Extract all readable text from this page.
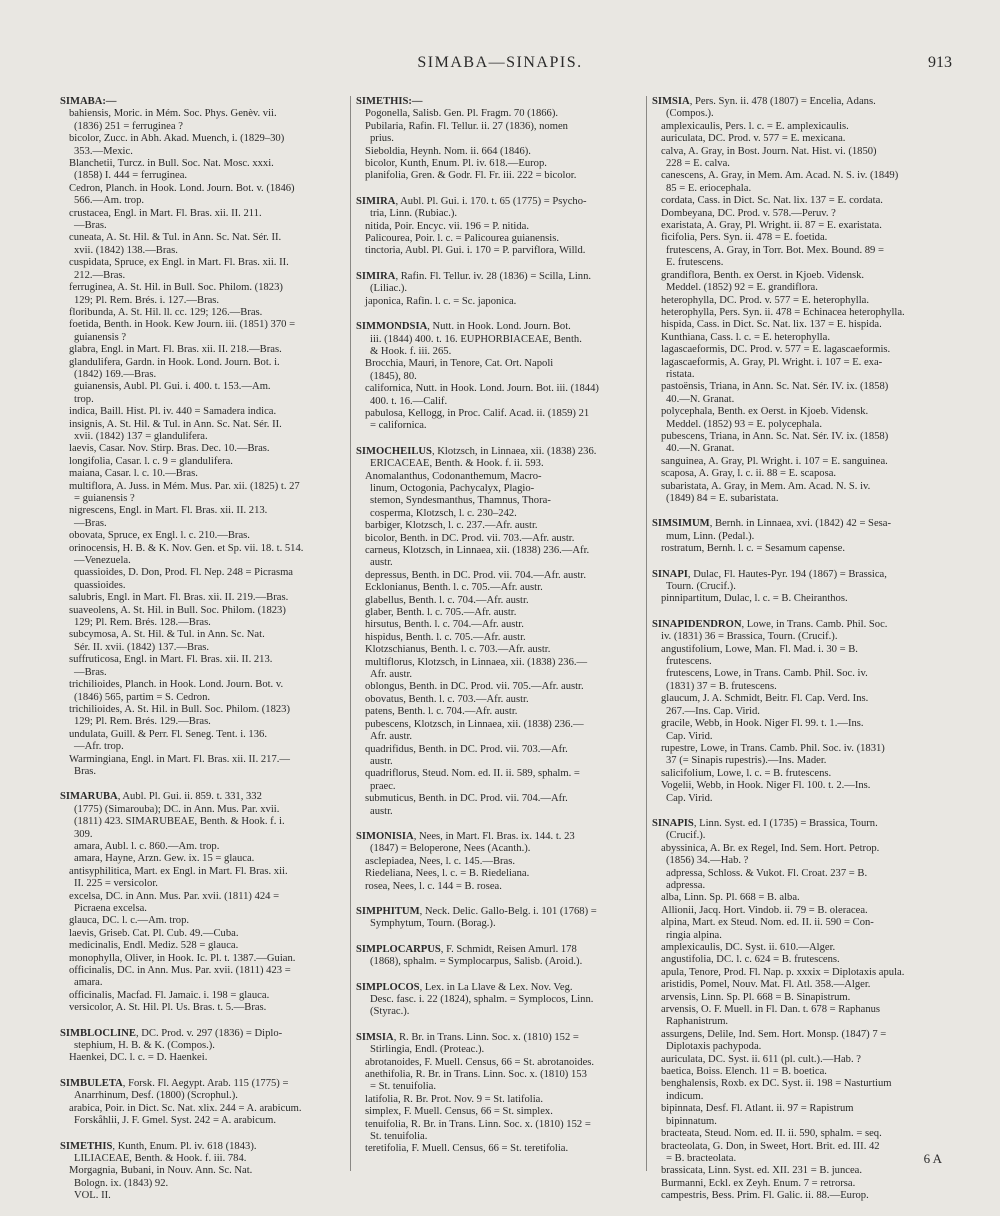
SIMABA—SINAPIS.	913
SIMABA:—
bahiensis, Moric. in Mém. Soc. Phys. Genèv. vii.
(1836) 251 = ferruginea ?
bicolor, Zucc. in Abh. Akad. Muench, i. (1829–30)
353.—Mexic.
Blanchetii, Turcz. in Bull. Soc. Nat. Mosc. xxxi.
(1858) I. 444 = ferruginea.
Cedron, Planch. in Hook. Lond. Journ. Bot. v. (1846)
566.—Am. trop.
crustacea, Engl. in Mart. Fl. Bras. xii. II. 211.
—Bras.
cuneata, A. St. Hil. & Tul. in Ann. Sc. Nat. Sér. II.
xvii. (1842) 138.—Bras.
cuspidata, Spruce, ex Engl. in Mart. Fl. Bras. xii. II.
212.—Bras.
ferruginea, A. St. Hil. in Bull. Soc. Philom. (1823)
129; Pl. Rem. Brés. i. 127.—Bras.
floribunda, A. St. Hil. ll. cc. 129; 126.—Bras.
foetida, Benth. in Hook. Kew Journ. iii. (1851) 370 =
guianensis ?
glabra, Engl. in Mart. Fl. Bras. xii. II. 218.—Bras.
glandulifera, Gardn. in Hook. Lond. Journ. Bot. i.
(1842) 169.—Bras.
guianensis, Aubl. Pl. Gui. i. 400. t. 153.—Am.
trop.
indica, Baill. Hist. Pl. iv. 440 = Samadera indica.
insignis, A. St. Hil. & Tul. in Ann. Sc. Nat. Sér. II.
xvii. (1842) 137 = glandulifera.
laevis, Casar. Nov. Stirp. Bras. Dec. 10.—Bras.
longifolia, Casar. l. c. 9 = glandulifera.
maiana, Casar. l. c. 10.—Bras.
multiflora, A. Juss. in Mém. Mus. Par. xii. (1825) t. 27
= guianensis ?
nigrescens, Engl. in Mart. Fl. Bras. xii. II. 213.
—Bras.
obovata, Spruce, ex Engl. l. c. 210.—Bras.
orinocensis, H. B. & K. Nov. Gen. et Sp. vii. 18. t. 514.
—Venezuela.
quassioides, D. Don, Prod. Fl. Nep. 248 = Picrasma
quassioides.
salubris, Engl. in Mart. Fl. Bras. xii. II. 219.—Bras.
suaveolens, A. St. Hil. in Bull. Soc. Philom. (1823)
129; Pl. Rem. Brés. 128.—Bras.
subcymosa, A. St. Hil. & Tul. in Ann. Sc. Nat.
Sér. II. xvii. (1842) 137.—Bras.
suffruticosa, Engl. in Mart. Fl. Bras. xii. II. 213.
—Bras.
trichilioides, Planch. in Hook. Lond. Journ. Bot. v.
(1846) 565, partim = S. Cedron.
trichilioides, A. St. Hil. in Bull. Soc. Philom. (1823)
129; Pl. Rem. Brés. 129.—Bras.
undulata, Guill. & Perr. Fl. Seneg. Tent. i. 136.
—Afr. trop.
Warmingiana, Engl. in Mart. Fl. Bras. xii. II. 217.—
Bras.
SIMARUBA, Aubl. Pl. Gui. ii. 859. t. 331, 332
(1775) (Simarouba); DC. in Ann. Mus. Par. xvii.
(1811) 423. SIMARUBEAE, Benth. & Hook. f. i.
309.
amara, Aubl. l. c. 860.—Am. trop.
amara, Hayne, Arzn. Gew. ix. 15 = glauca.
antisyphilitica, Mart. ex Engl. in Mart. Fl. Bras. xii.
II. 225 = versicolor.
excelsa, DC. in Ann. Mus. Par. xvii. (1811) 424 =
Picraena excelsa.
glauca, DC. l. c.—Am. trop.
laevis, Griseb. Cat. Pl. Cub. 49.—Cuba.
medicinalis, Endl. Mediz. 528 = glauca.
monophylla, Oliver, in Hook. Ic. Pl. t. 1387.—Guian.
officinalis, DC. in Ann. Mus. Par. xvii. (1811) 423 =
amara.
officinalis, Macfad. Fl. Jamaic. i. 198 = glauca.
versicolor, A. St. Hil. Pl. Us. Bras. t. 5.—Bras.
SIMBLOCLINE, DC. Prod. v. 297 (1836) = Diplo-
stephium, H. B. & K. (Compos.).
Haenkei, DC. l. c. = D. Haenkei.
SIMBULETA, Forsk. Fl. Aegypt. Arab. 115 (1775) =
Anarrhinum, Desf. (1800) (Scrophul.).
arabica, Poir. in Dict. Sc. Nat. xlix. 244 = A. arabicum.
Forskåhlii, J. F. Gmel. Syst. 242 = A. arabicum.
SIMETHIS, Kunth, Enum. Pl. iv. 618 (1843).
LILIACEAE, Benth. & Hook. f. iii. 784.
Morgagnia, Bubani, in Nouv. Ann. Sc. Nat.
Bologn. ix. (1843) 92.
VOL. II.
SIMETHIS:—
Pogonella, Salisb. Gen. Pl. Fragm. 70 (1866).
Pubilaria, Rafin. Fl. Tellur. ii. 27 (1836), nomen
prius.
Sieboldia, Heynh. Nom. ii. 664 (1846).
bicolor, Kunth, Enum. Pl. iv. 618.—Europ.
planifolia, Gren. & Godr. Fl. Fr. iii. 222 = bicolor.
SIMIRA, Aubl. Pl. Gui. i. 170. t. 65 (1775) = Psycho-
tria, Linn. (Rubiac.).
nitida, Poir. Encyc. vii. 196 = P. nitida.
Palicourea, Poir. l. c. = Palicourea guianensis.
tinctoria, Aubl. Pl. Gui. i. 170 = P. parviflora, Willd.
SIMIRA, Rafin. Fl. Tellur. iv. 28 (1836) = Scilla, Linn.
(Liliac.).
japonica, Rafin. l. c. = Sc. japonica.
SIMMONDSIA, Nutt. in Hook. Lond. Journ. Bot.
iii. (1844) 400. t. 16. EUPHORBIACEAE, Benth.
& Hook. f. iii. 265.
Brocchia, Mauri, in Tenore, Cat. Ort. Napoli
(1845), 80.
californica, Nutt. in Hook. Lond. Journ. Bot. iii. (1844)
400. t. 16.—Calif.
pabulosa, Kellogg, in Proc. Calif. Acad. ii. (1859) 21
= californica.
SIMOCHEILUS, Klotzsch, in Linnaea, xii. (1838) 236.
ERICACEAE, Benth. & Hook. f. ii. 593.
Anomalanthus, Codonanthemum, Macro-
linum, Octogonia, Pachycalyx, Plagio-
stemon, Syndesmanthus, Thamnus, Thora-
cosperma, Klotzsch, l. c. 230–242.
barbiger, Klotzsch, l. c. 237.—Afr. austr.
bicolor, Benth. in DC. Prod. vii. 703.—Afr. austr.
carneus, Klotzsch, in Linnaea, xii. (1838) 236.—Afr.
austr.
depressus, Benth. in DC. Prod. vii. 704.—Afr. austr.
Ecklonianus, Benth. l. c. 705.—Afr. austr.
glabellus, Benth. l. c. 704.—Afr. austr.
glaber, Benth. l. c. 705.—Afr. austr.
hirsutus, Benth. l. c. 704.—Afr. austr.
hispidus, Benth. l. c. 705.—Afr. austr.
Klotzschianus, Benth. l. c. 703.—Afr. austr.
multiflorus, Klotzsch, in Linnaea, xii. (1838) 236.—
Afr. austr.
oblongus, Benth. in DC. Prod. vii. 705.—Afr. austr.
obovatus, Benth. l. c. 703.—Afr. austr.
patens, Benth. l. c. 704.—Afr. austr.
pubescens, Klotzsch, in Linnaea, xii. (1838) 236.—
Afr. austr.
quadrifidus, Benth. in DC. Prod. vii. 703.—Afr.
austr.
quadriflorus, Steud. Nom. ed. II. ii. 589, sphalm. =
praec.
submuticus, Benth. in DC. Prod. vii. 704.—Afr.
austr.
SIMONISIA, Nees, in Mart. Fl. Bras. ix. 144. t. 23
(1847) = Beloperone, Nees (Acanth.).
asclepiadea, Nees, l. c. 145.—Bras.
Riedeliana, Nees, l. c. = B. Riedeliana.
rosea, Nees, l. c. 144 = B. rosea.
SIMPHITUM, Neck. Delic. Gallo-Belg. i. 101 (1768) =
Symphytum, Tourn. (Borag.).
SIMPLOCARPUS, F. Schmidt, Reisen Amurl. 178
(1868), sphalm. = Symplocarpus, Salisb. (Aroid.).
SIMPLOCOS, Lex. in La Llave & Lex. Nov. Veg.
Desc. fasc. i. 22 (1824), sphalm. = Symplocos, Linn.
(Styrac.).
SIMSIA, R. Br. in Trans. Linn. Soc. x. (1810) 152 =
Stirlingia, Endl. (Proteac.).
abrotanoides, F. Muell. Census, 66 = St. abrotanoides.
anethifolia, R. Br. in Trans. Linn. Soc. x. (1810) 153
= St. tenuifolia.
latifolia, R. Br. Prot. Nov. 9 = St. latifolia.
simplex, F. Muell. Census, 66 = St. simplex.
tenuifolia, R. Br. in Trans. Linn. Soc. x. (1810) 152 =
St. tenuifolia.
teretifolia, F. Muell. Census, 66 = St. teretifolia.
SIMSIA, Pers. Syn. ii. 478 (1807) = Encelia, Adans.
(Compos.).
amplexicaulis, Pers. l. c. = E. amplexicaulis.
auriculata, DC. Prod. v. 577 = E. mexicana.
calva, A. Gray, in Bost. Journ. Nat. Hist. vi. (1850)
228 = E. calva.
canescens, A. Gray, in Mem. Am. Acad. N. S. iv. (1849)
85 = E. eriocephala.
cordata, Cass. in Dict. Sc. Nat. lix. 137 = E. cordata.
Dombeyana, DC. Prod. v. 578.—Peruv. ?
exaristata, A. Gray, Pl. Wright. ii. 87 = E. exaristata.
ficifolia, Pers. Syn. ii. 478 = E. foetida.
frutescens, A. Gray, in Torr. Bot. Mex. Bound. 89 =
E. frutescens.
grandiflora, Benth. ex Oerst. in Kjoeb. Vidensk.
Meddel. (1852) 92 = E. grandiflora.
heterophylla, DC. Prod. v. 577 = E. heterophylla.
heterophylla, Pers. Syn. ii. 478 = Echinacea heterophylla.
hispida, Cass. in Dict. Sc. Nat. lix. 137 = E. hispida.
Kunthiana, Cass. l. c. = E. heterophylla.
lagascaeformis, DC. Prod. v. 577 = E. lagascaeformis.
lagascaeformis, A. Gray, Pl. Wright. i. 107 = E. exa-
ristata.
pastoënsis, Triana, in Ann. Sc. Nat. Sér. IV. ix. (1858)
40.—N. Granat.
polycephala, Benth. ex Oerst. in Kjoeb. Vidensk.
Meddel. (1852) 93 = E. polycephala.
pubescens, Triana, in Ann. Sc. Nat. Sér. IV. ix. (1858)
40.—N. Granat.
sanguinea, A. Gray, Pl. Wright. i. 107 = E. sanguinea.
scaposa, A. Gray, l. c. ii. 88 = E. scaposa.
subaristata, A. Gray, in Mem. Am. Acad. N. S. iv.
(1849) 84 = E. subaristata.
SIMSIMUM, Bernh. in Linnaea, xvi. (1842) 42 = Sesa-
mum, Linn. (Pedal.).
rostratum, Bernh. l. c. = Sesamum capense.
SINAPI, Dulac, Fl. Hautes-Pyr. 194 (1867) = Brassica,
Tourn. (Crucif.).
pinnipartitum, Dulac, l. c. = B. Cheiranthos.
SINAPIDENDRON, Lowe, in Trans. Camb. Phil. Soc.
iv. (1831) 36 = Brassica, Tourn. (Crucif.).
angustifolium, Lowe, Man. Fl. Mad. i. 30 = B.
frutescens.
frutescens, Lowe, in Trans. Camb. Phil. Soc. iv.
(1831) 37 = B. frutescens.
glaucum, J. A. Schmidt, Beitr. Fl. Cap. Verd. Ins.
267.—Ins. Cap. Virid.
gracile, Webb, in Hook. Niger Fl. 99. t. 1.—Ins.
Cap. Virid.
rupestre, Lowe, in Trans. Camb. Phil. Soc. iv. (1831)
37 (= Sinapis rupestris).—Ins. Mader.
salicifolium, Lowe, l. c. = B. frutescens.
Vogelii, Webb, in Hook. Niger Fl. 100. t. 2.—Ins.
Cap. Virid.
SINAPIS, Linn. Syst. ed. I (1735) = Brassica, Tourn.
(Crucif.).
abyssinica, A. Br. ex Regel, Ind. Sem. Hort. Petrop.
(1856) 34.—Hab. ?
adpressa, Schloss. & Vukot. Fl. Croat. 237 = B.
adpressa.
alba, Linn. Sp. Pl. 668 = B. alba.
Allionii, Jacq. Hort. Vindob. ii. 79 = B. oleracea.
alpina, Mart. ex Steud. Nom. ed. II. ii. 590 = Con-
ringia alpina.
amplexicaulis, DC. Syst. ii. 610.—Alger.
angustifolia, DC. l. c. 624 = B. frutescens.
apula, Tenore, Prod. Fl. Nap. p. xxxix = Diplotaxis apula.
aristidis, Pomel, Nouv. Mat. Fl. Atl. 358.—Alger.
arvensis, Linn. Sp. Pl. 668 = B. Sinapistrum.
arvensis, O. F. Muell. in Fl. Dan. t. 678 = Raphanus
Raphanistrum.
assurgens, Delile, Ind. Sem. Hort. Monsp. (1847) 7 =
Diplotaxis pachypoda.
auriculata, DC. Syst. ii. 611 (pl. cult.).—Hab. ?
baetica, Boiss. Elench. 11 = B. boetica.
benghalensis, Roxb. ex DC. Syst. ii. 198 = Nasturtium
indicum.
bipinnata, Desf. Fl. Atlant. ii. 97 = Rapistrum
bipinnatum.
bracteata, Steud. Nom. ed. II. ii. 590, sphalm. = seq.
bracteolata, G. Don, in Sweet, Hort. Brit. ed. III. 42
= B. bracteolata.
brassicata, Linn. Syst. ed. XII. 231 = B. juncea.
Burmanni, Eckl. ex Zeyh. Enum. 7 = retrorsa.
campestris, Bess. Prim. Fl. Galic. ii. 88.—Europ.
6 A
